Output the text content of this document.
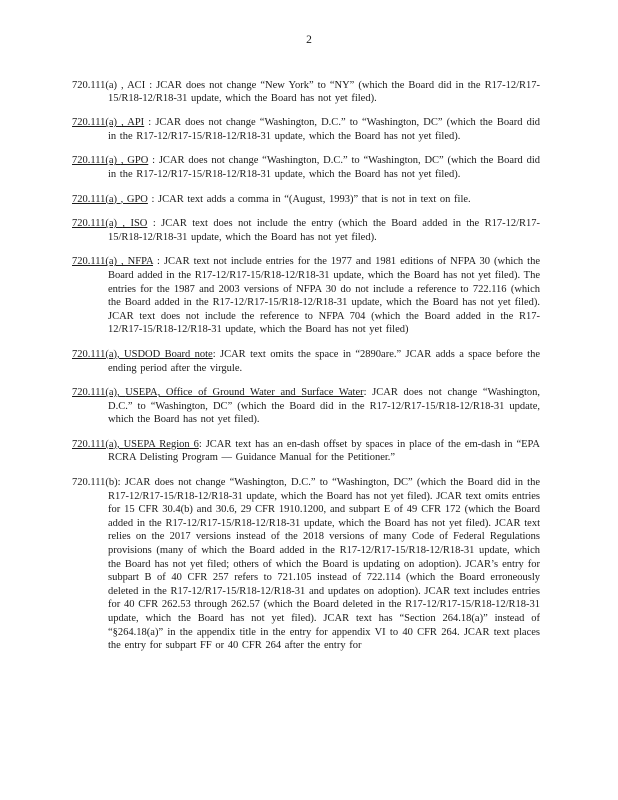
2

720.111(a) , ACI : JCAR does not change “New York” to “NY” (which the Board did in the R17-12/R17-15/R18-12/R18-31 update, which the Board has not yet filed).

720.111(a) , API : JCAR does not change “Washington, D.C.” to “Washington, DC” (which the Board did in the R17-12/R17-15/R18-12/R18-31 update, which the Board has not yet filed).

720.111(a) , GPO : JCAR does not change “Washington, D.C.” to “Washington, DC” (which the Board did in the R17-12/R17-15/R18-12/R18-31 update, which the Board has not yet filed).

720.111(a) , GPO : JCAR text adds a comma in “(August, 1993)” that is not in text on file.

720.111(a) , ISO : JCAR text does not include the entry (which the Board added in the R17-12/R17-15/R18-12/R18-31 update, which the Board has not yet filed).

720.111(a) , NFPA : JCAR text not include entries for the 1977 and 1981 editions of NFPA 30 (which the Board added in the R17-12/R17-15/R18-12/R18-31 update, which the Board has not yet filed). The entries for the 1987 and 2003 versions of NFPA 30 do not include a reference to 722.116 (which the Board added in the R17-12/R17-15/R18-12/R18-31 update, which the Board has not yet filed). JCAR text does not include the reference to NFPA 704 (which the Board added in the R17-12/R17-15/R18-12/R18-31 update, which the Board has not yet filed)

720.111(a), USDOD Board note: JCAR text omits the space in “2890are.” JCAR adds a space before the ending period after the virgule.

720.111(a), USEPA, Office of Ground Water and Surface Water: JCAR does not change “Washington, D.C.” to “Washington, DC” (which the Board did in the R17-12/R17-15/R18-12/R18-31 update, which the Board has not yet filed).

720.111(a), USEPA Region 6: JCAR text has an en-dash offset by spaces in place of the em-dash in “EPA RCRA Delisting Program — Guidance Manual for the Petitioner.”

720.111(b): JCAR does not change “Washington, D.C.” to “Washington, DC” (which the Board did in the R17-12/R17-15/R18-12/R18-31 update, which the Board has not yet filed). JCAR text omits entries for 15 CFR 30.4(b) and 30.6, 29 CFR 1910.1200, and subpart E of 49 CFR 172 (which the Board added in the R17-12/R17-15/R18-12/R18-31 update, which the Board has not yet filed). JCAR text relies on the 2017 versions instead of the 2018 versions of many Code of Federal Regulations provisions (many of which the Board added in the R17-12/R17-15/R18-12/R18-31 update, which the Board has not yet filed; others of which the Board is updating on adoption). JCAR’s entry for subpart B of 40 CFR 257 refers to 721.105 instead of 722.114 (which the Board erroneously deleted in the R17-12/R17-15/R18-12/R18-31 and updates on adoption). JCAR text includes entries for 40 CFR 262.53 through 262.57 (which the Board deleted in the R17-12/R17-15/R18-12/R18-31 update, which the Board has not yet filed). JCAR text has “Section 264.18(a)” instead of “§264.18(a)” in the appendix title in the entry for appendix VI to 40 CFR 264. JCAR text places the entry for subpart FF or 40 CFR 264 after the entry for
